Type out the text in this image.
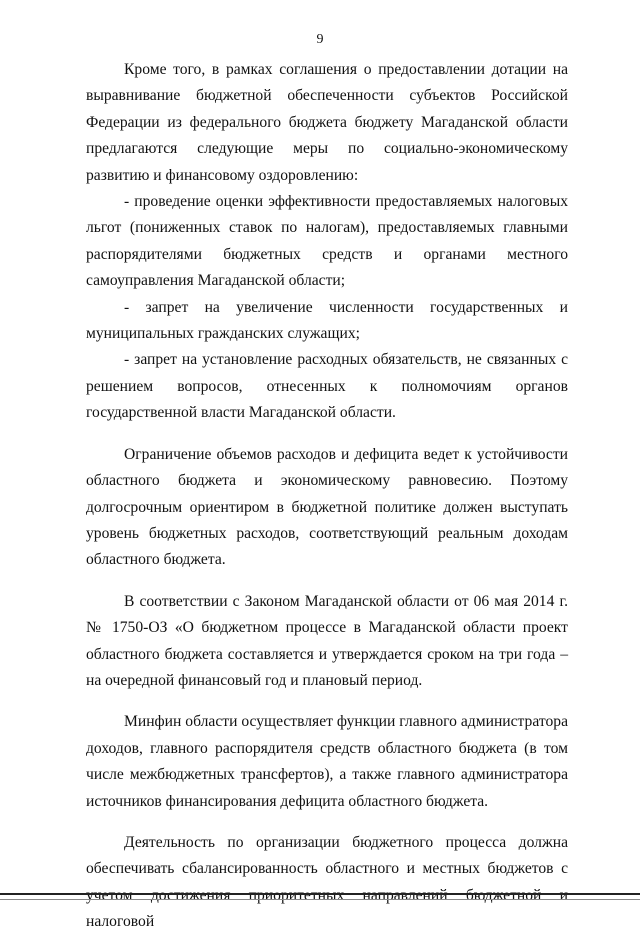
9

Кроме того, в рамках соглашения о предоставлении дотации на выравнивание бюджетной обеспеченности субъектов Российской Федерации из федерального бюджета бюджету Магаданской области предлагаются следующие меры по социально-экономическому развитию и финансовому оздоровлению:

- проведение оценки эффективности предоставляемых налоговых льгот (пониженных ставок по налогам), предоставляемых главными распорядителями бюджетных средств и органами местного самоуправления Магаданской области;

- запрет на увеличение численности государственных и муниципальных гражданских служащих;

- запрет на установление расходных обязательств, не связанных с решением вопросов, отнесенных к полномочиям органов государственной власти Магаданской области.

Ограничение объемов расходов и дефицита ведет к устойчивости областного бюджета и экономическому равновесию. Поэтому долгосрочным ориентиром в бюджетной политике должен выступать уровень бюджетных расходов, соответствующий реальным доходам областного бюджета.

В соответствии с Законом Магаданской области от 06 мая 2014 г. № 1750-ОЗ «О бюджетном процессе в Магаданской области проект областного бюджета составляется и утверждается сроком на три года – на очередной финансовый год и плановый период.

Минфин области осуществляет функции главного администратора доходов, главного распорядителя средств областного бюджета (в том числе межбюджетных трансфертов), а также главного администратора источников финансирования дефицита областного бюджета.

Деятельность по организации бюджетного процесса должна обеспечивать сбалансированность областного и местных бюджетов с учетом достижения приоритетных направлений бюджетной и налоговой
